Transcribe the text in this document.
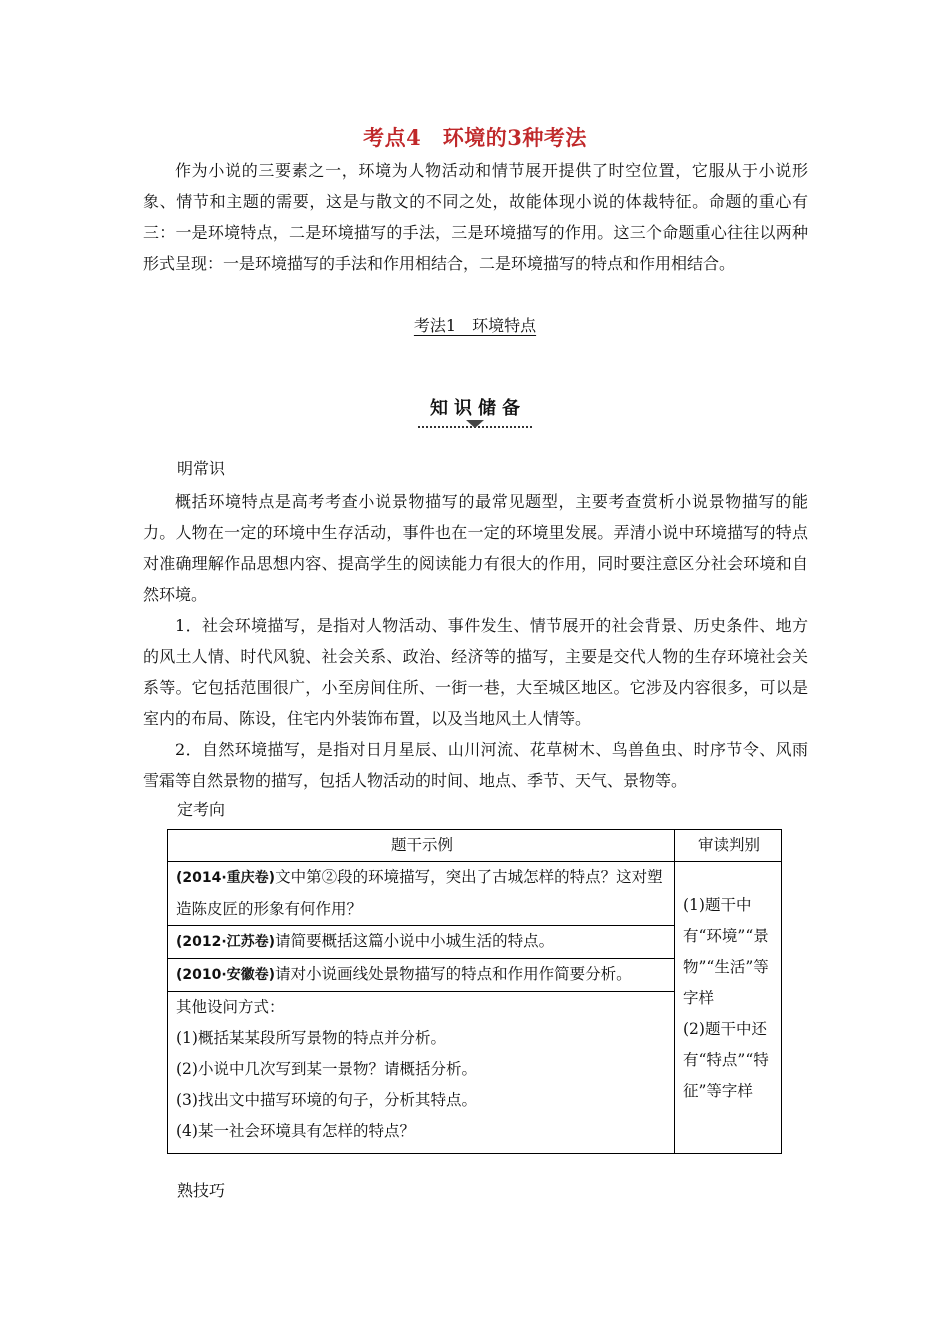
考点4　环境的3种考法

作为小说的三要素之一，环境为人物活动和情节展开提供了时空位置，它服从于小说形象、情节和主题的需要，这是与散文的不同之处，故能体现小说的体裁特征。命题的重心有三：一是环境特点，二是环境描写的手法，三是环境描写的作用。这三个命题重心往往以两种形式呈现：一是环境描写的手法和作用相结合，二是环境描写的特点和作用相结合。

考法1　环境特点
知识储备
明常识

概括环境特点是高考考查小说景物描写的最常见题型，主要考查赏析小说景物描写的能力。人物在一定的环境中生存活动，事件也在一定的环境里发展。弄清小说中环境描写的特点对准确理解作品思想内容、提高学生的阅读能力有很大的作用，同时要注意区分社会环境和自然环境。

1．社会环境描写，是指对人物活动、事件发生、情节展开的社会背景、历史条件、地方的风土人情、时代风貌、社会关系、政治、经济等的描写，主要是交代人物的生存环境社会关系等。它包括范围很广，小至房间住所、一街一巷，大至城区地区。它涉及内容很多，可以是室内的布局、陈设，住宅内外装饰布置，以及当地风土人情等。

2．自然环境描写，是指对日月星辰、山川河流、花草树木、鸟兽鱼虫、时序节令、风雨雪霜等自然景物的描写，包括人物活动的时间、地点、季节、天气、景物等。

定考向
题干示例	审读判别
(2014·重庆卷)文中第②段的环境描写，突出了古城怎样的特点？这对塑造陈皮匠的形象有何作用？	(1)题干中有“环境”“景物”“生活”等字样
(2)题干中还有“特点”“特征”等字样

(2012·江苏卷)请简要概括这篇小说中小城生活的特点。	
(2010·安徽卷)请对小说画线处景物描写的特点和作用作简要分析。	

其他设问方式：
(1)概括某某段所写景物的特点并分析。
(2)小说中几次写到某一景物？请概括分析。
(3)找出文中描写环境的句子，分析其特点。
(4)某一社会环境具有怎样的特点？	
熟技巧
